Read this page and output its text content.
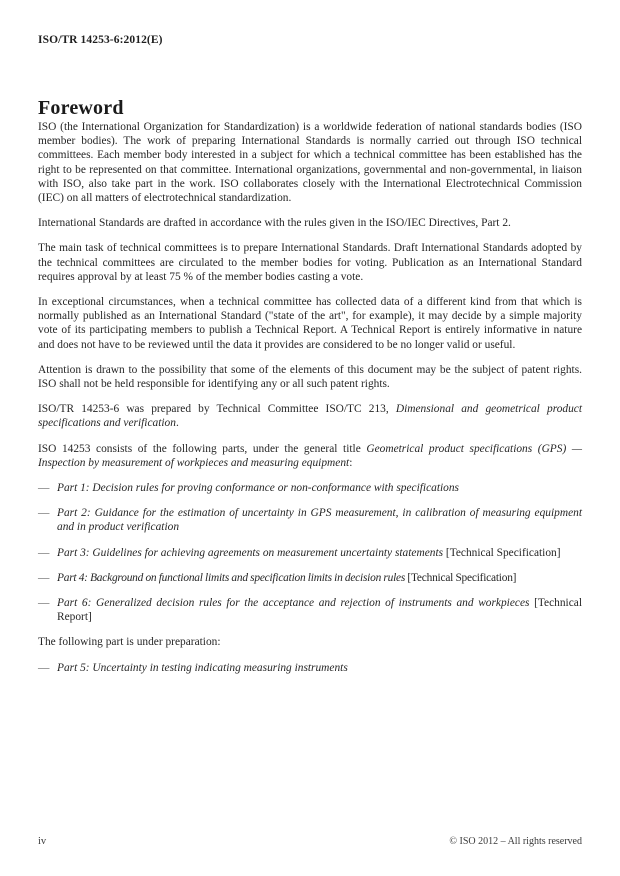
ISO/TR 14253-6:2012(E)
Foreword

ISO (the International Organization for Standardization) is a worldwide federation of national standards bodies (ISO member bodies). The work of preparing International Standards is normally carried out through ISO technical committees. Each member body interested in a subject for which a technical committee has been established has the right to be represented on that committee. International organizations, governmental and non-governmental, in liaison with ISO, also take part in the work. ISO collaborates closely with the International Electrotechnical Commission (IEC) on all matters of electrotechnical standardization.

International Standards are drafted in accordance with the rules given in the ISO/IEC Directives, Part 2.

The main task of technical committees is to prepare International Standards. Draft International Standards adopted by the technical committees are circulated to the member bodies for voting. Publication as an International Standard requires approval by at least 75 % of the member bodies casting a vote.

In exceptional circumstances, when a technical committee has collected data of a different kind from that which is normally published as an International Standard ("state of the art", for example), it may decide by a simple majority vote of its participating members to publish a Technical Report. A Technical Report is entirely informative in nature and does not have to be reviewed until the data it provides are considered to be no longer valid or useful.

Attention is drawn to the possibility that some of the elements of this document may be the subject of patent rights. ISO shall not be held responsible for identifying any or all such patent rights.

ISO/TR 14253-6 was prepared by Technical Committee ISO/TC 213, Dimensional and geometrical product specifications and verification.

ISO 14253 consists of the following parts, under the general title Geometrical product specifications (GPS) — Inspection by measurement of workpieces and measuring equipment:

— Part 1: Decision rules for proving conformance or non-conformance with specifications
— Part 2: Guidance for the estimation of uncertainty in GPS measurement, in calibration of measuring equipment and in product verification
— Part 3: Guidelines for achieving agreements on measurement uncertainty statements [Technical Specification]
— Part 4: Background on functional limits and specification limits in decision rules [Technical Specification]
— Part 6: Generalized decision rules for the acceptance and rejection of instruments and workpieces [Technical Report]

The following part is under preparation:

— Part 5: Uncertainty in testing indicating measuring instruments
iv	© ISO 2012 – All rights reserved
